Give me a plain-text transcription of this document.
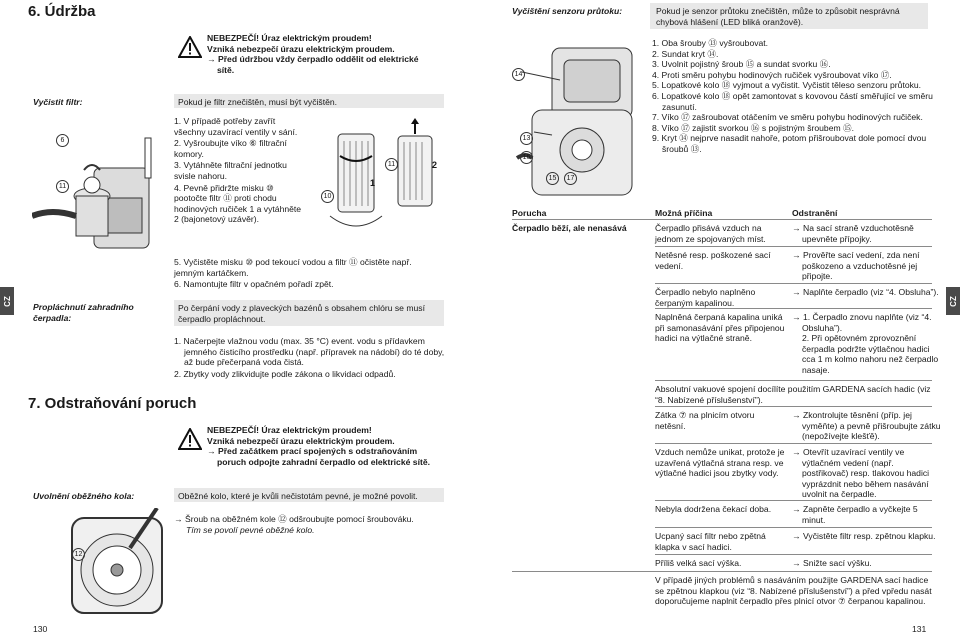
6. Údržba
NEBEZPEČÍ! Úraz elektrickým proudem!
Vzniká nebezpečí úrazu elektrickým proudem.
→ Před údržbou vždy čerpadlo oddělit od elektrické sítě.
Vyčistit filtr:	Pokud je filtr znečištěn, musí být vyčištěn.
1. V případě potřeby zavřít všechny uzavírací ventily v sání.
2. Vyšroubujte víko ⑥ filtrační komory.
3. Vytáhněte filtrační jednotku svisle nahoru.
4. Pevně přidržte misku ⑩ pootočte filtr ⑪ proti chodu hodinových ručiček 1 a vytáhněte 2 (bajonetový uzávěr).
5. Vyčistěte misku ⑩ pod tekoucí vodou a filtr ⑪ očistěte např. jemným kartáčkem.
6. Namontujte filtr v opačném pořadí zpět.
6
11
10
11
1
2
Propláchnutí zahradního čerpadla:
Po čerpání vody z plaveckých bazénů s obsahem chlóru se musí čerpadlo propláchnout.
1. Načerpejte vlažnou vodu (max. 35 °C) event. vodu s přídavkem jemného čisticího prostředku (např. přípravek na nádobí) do té doby, až bude přečerpaná voda čistá.
2. Zbytky vody zlikvidujte podle zákona o likvidaci odpadů.
7. Odstraňování poruch
NEBEZPEČÍ! Úraz elektrickým proudem!
Vzniká nebezpečí úrazu elektrickým proudem.
→ Před začátkem prací spojených s odstraňováním poruch odpojte zahradní čerpadlo od elektrické sítě.
Uvolnění oběžného kola:	Oběžné kolo, které je kvůli nečistotám pevné, je možné povolit.
→ Šroub na oběžném kole ⑫ odšroubujte pomocí šroubováku.
Tím se povolí pevné oběžné kolo.
12
CZ
130
Vyčištění senzoru průtoku:	Pokud je senzor průtoku znečištěn, může to způsobit nesprávná chybová hlášení (LED bliká oranžově).
14
13
16
15	17
1. Oba šrouby ⑬ vyšroubovat.
2. Sundat kryt ⑭.
3. Uvolnit pojistný šroub ⑮ a sundat svorku ⑯.
4. Proti směru pohybu hodinových ručiček vyšroubovat víko ⑰.
5. Lopatkové kolo ⑱ vyjmout a vyčistit. Vyčistit těleso senzoru průtoku.
6. Lopatkové kolo ⑱ opět zamontovat s kovovou částí směřující ve směru zasunutí.
7. Víko ⑰ zašroubovat otáčením ve směru pohybu hodinových ručiček.
8. Víko ⑰ zajistit svorkou ⑯ s pojistným šroubem ⑮.
9. Kryt ⑭ nejprve nasadit nahoře, potom přišroubovat dole pomocí dvou šroubů ⑬.
Porucha	Možná příčina	Odstranění
Čerpadlo běží, ale nenasává	Čerpadlo přisává vzduch na jednom ze spojovaných míst.
→ Na sací straně vzduchotěsně upevněte přípojky.
Netěsné resp. poškozené sací vedení.
→ Prověřte sací vedení, zda není poškozeno a vzduchotěsné jej připojte.
Čerpadlo nebylo naplněno čerpaným kapalinou.
→ Naplňte čerpadlo (viz “4. Obsluha”).
Naplněná čerpaná kapalina uniká při samonasávání přes připojenou hadici na výtlačné straně.
→ 1. Čerpadlo znovu naplňte (viz “4. Obsluha”).
2. Při opětovném zprovoznění čerpadla podržte výtlačnou hadici cca 1 m kolmo nahoru než čerpadlo nasaje.
Absolutní vakuové spojení docílíte použitím GARDENA sacích hadic (viz “8. Nabízené příslušenství”).
Zátka ⑦ na plnicím otvoru netěsní.
→ Zkontrolujte těsnění (příp. jej vyměňte) a pevně přišroubujte zátku (nepožívejte klešťě).
Vzduch nemůže unikat, protože je uzavřená výtlačná strana resp. ve výtlačné hadici jsou zbytky vody.
→ Otevřít uzavírací ventily ve výtlačném vedení (např. postřikovač) resp. tlakovou hadici vyprázdnit nebo během nasávání uvolnit na čerpadle.
Nebyla dodržena čekací doba.	→ Zapněte čerpadlo a vyčkejte 5 minut.
Ucpaný sací filtr nebo zpětná klapka v sací hadici.
→ Vyčistěte filtr resp. zpětnou klapku.
Příliš velká sací výška.	→ Snižte sací výšku.
V případě jiných problémů s nasáváním použijte GARDENA sací hadice se zpětnou klapkou (viz “8. Nabízené příslušenství”) a před vpředu nasát doporučujeme naplnit čerpadlo přes plnicí otvor ⑦ čerpanou kapalinou.
CZ
131
